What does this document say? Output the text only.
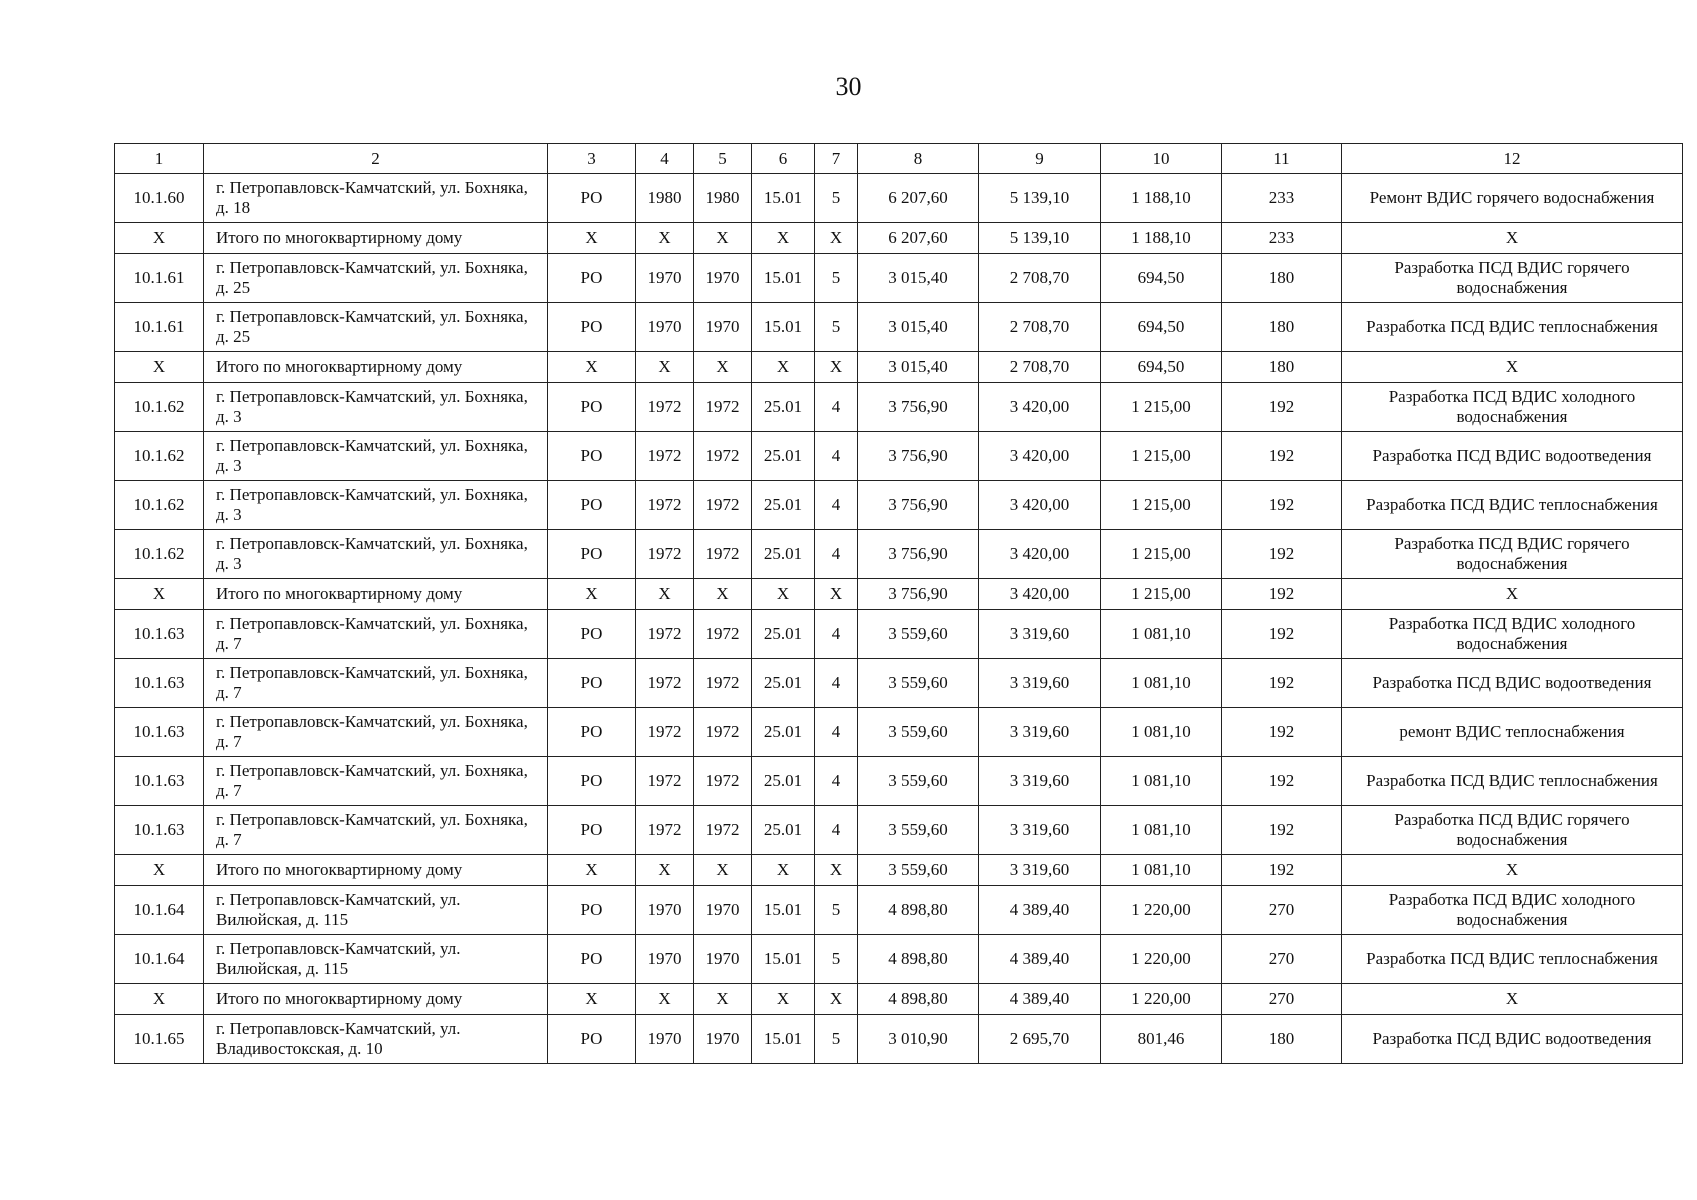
30
1	2	3	4	5	6	7	8	9	10	11	12
10.1.60	г. Петропавловск-Камчатский, ул. Бохняка, д. 18	РО	1980	1980	15.01	5	6 207,60	5 139,10	1 188,10	233	Ремонт ВДИС горячего водоснабжения
Х	Итого по многоквартирному дому	Х	Х	Х	Х	Х	6 207,60	5 139,10	1 188,10	233	Х
10.1.61	г. Петропавловск-Камчатский, ул. Бохняка, д. 25	РО	1970	1970	15.01	5	3 015,40	2 708,70	694,50	180	Разработка ПСД ВДИС горячего водоснабжения
10.1.61	г. Петропавловск-Камчатский, ул. Бохняка, д. 25	РО	1970	1970	15.01	5	3 015,40	2 708,70	694,50	180	Разработка ПСД ВДИС теплоснабжения
Х	Итого по многоквартирному дому	Х	Х	Х	Х	Х	3 015,40	2 708,70	694,50	180	Х
10.1.62	г. Петропавловск-Камчатский, ул. Бохняка, д. 3	РО	1972	1972	25.01	4	3 756,90	3 420,00	1 215,00	192	Разработка ПСД ВДИС холодного водоснабжения
10.1.62	г. Петропавловск-Камчатский, ул. Бохняка, д. 3	РО	1972	1972	25.01	4	3 756,90	3 420,00	1 215,00	192	Разработка ПСД ВДИС водоотведения
10.1.62	г. Петропавловск-Камчатский, ул. Бохняка, д. 3	РО	1972	1972	25.01	4	3 756,90	3 420,00	1 215,00	192	Разработка ПСД ВДИС теплоснабжения
10.1.62	г. Петропавловск-Камчатский, ул. Бохняка, д. 3	РО	1972	1972	25.01	4	3 756,90	3 420,00	1 215,00	192	Разработка ПСД ВДИС горячего водоснабжения
Х	Итого по многоквартирному дому	Х	Х	Х	Х	Х	3 756,90	3 420,00	1 215,00	192	Х
10.1.63	г. Петропавловск-Камчатский, ул. Бохняка, д. 7	РО	1972	1972	25.01	4	3 559,60	3 319,60	1 081,10	192	Разработка ПСД ВДИС холодного водоснабжения
10.1.63	г. Петропавловск-Камчатский, ул. Бохняка, д. 7	РО	1972	1972	25.01	4	3 559,60	3 319,60	1 081,10	192	Разработка ПСД ВДИС водоотведения
10.1.63	г. Петропавловск-Камчатский, ул. Бохняка, д. 7	РО	1972	1972	25.01	4	3 559,60	3 319,60	1 081,10	192	ремонт ВДИС теплоснабжения
10.1.63	г. Петропавловск-Камчатский, ул. Бохняка, д. 7	РО	1972	1972	25.01	4	3 559,60	3 319,60	1 081,10	192	Разработка ПСД ВДИС теплоснабжения
10.1.63	г. Петропавловск-Камчатский, ул. Бохняка, д. 7	РО	1972	1972	25.01	4	3 559,60	3 319,60	1 081,10	192	Разработка ПСД ВДИС горячего водоснабжения
Х	Итого по многоквартирному дому	Х	Х	Х	Х	Х	3 559,60	3 319,60	1 081,10	192	Х
10.1.64	г. Петропавловск-Камчатский, ул. Вилюйская, д. 115	РО	1970	1970	15.01	5	4 898,80	4 389,40	1 220,00	270	Разработка ПСД ВДИС холодного водоснабжения
10.1.64	г. Петропавловск-Камчатский, ул. Вилюйская, д. 115	РО	1970	1970	15.01	5	4 898,80	4 389,40	1 220,00	270	Разработка ПСД ВДИС теплоснабжения
Х	Итого по многоквартирному дому	Х	Х	Х	Х	Х	4 898,80	4 389,40	1 220,00	270	Х
10.1.65	г. Петропавловск-Камчатский, ул. Владивостокская, д. 10	РО	1970	1970	15.01	5	3 010,90	2 695,70	801,46	180	Разработка ПСД ВДИС водоотведения
